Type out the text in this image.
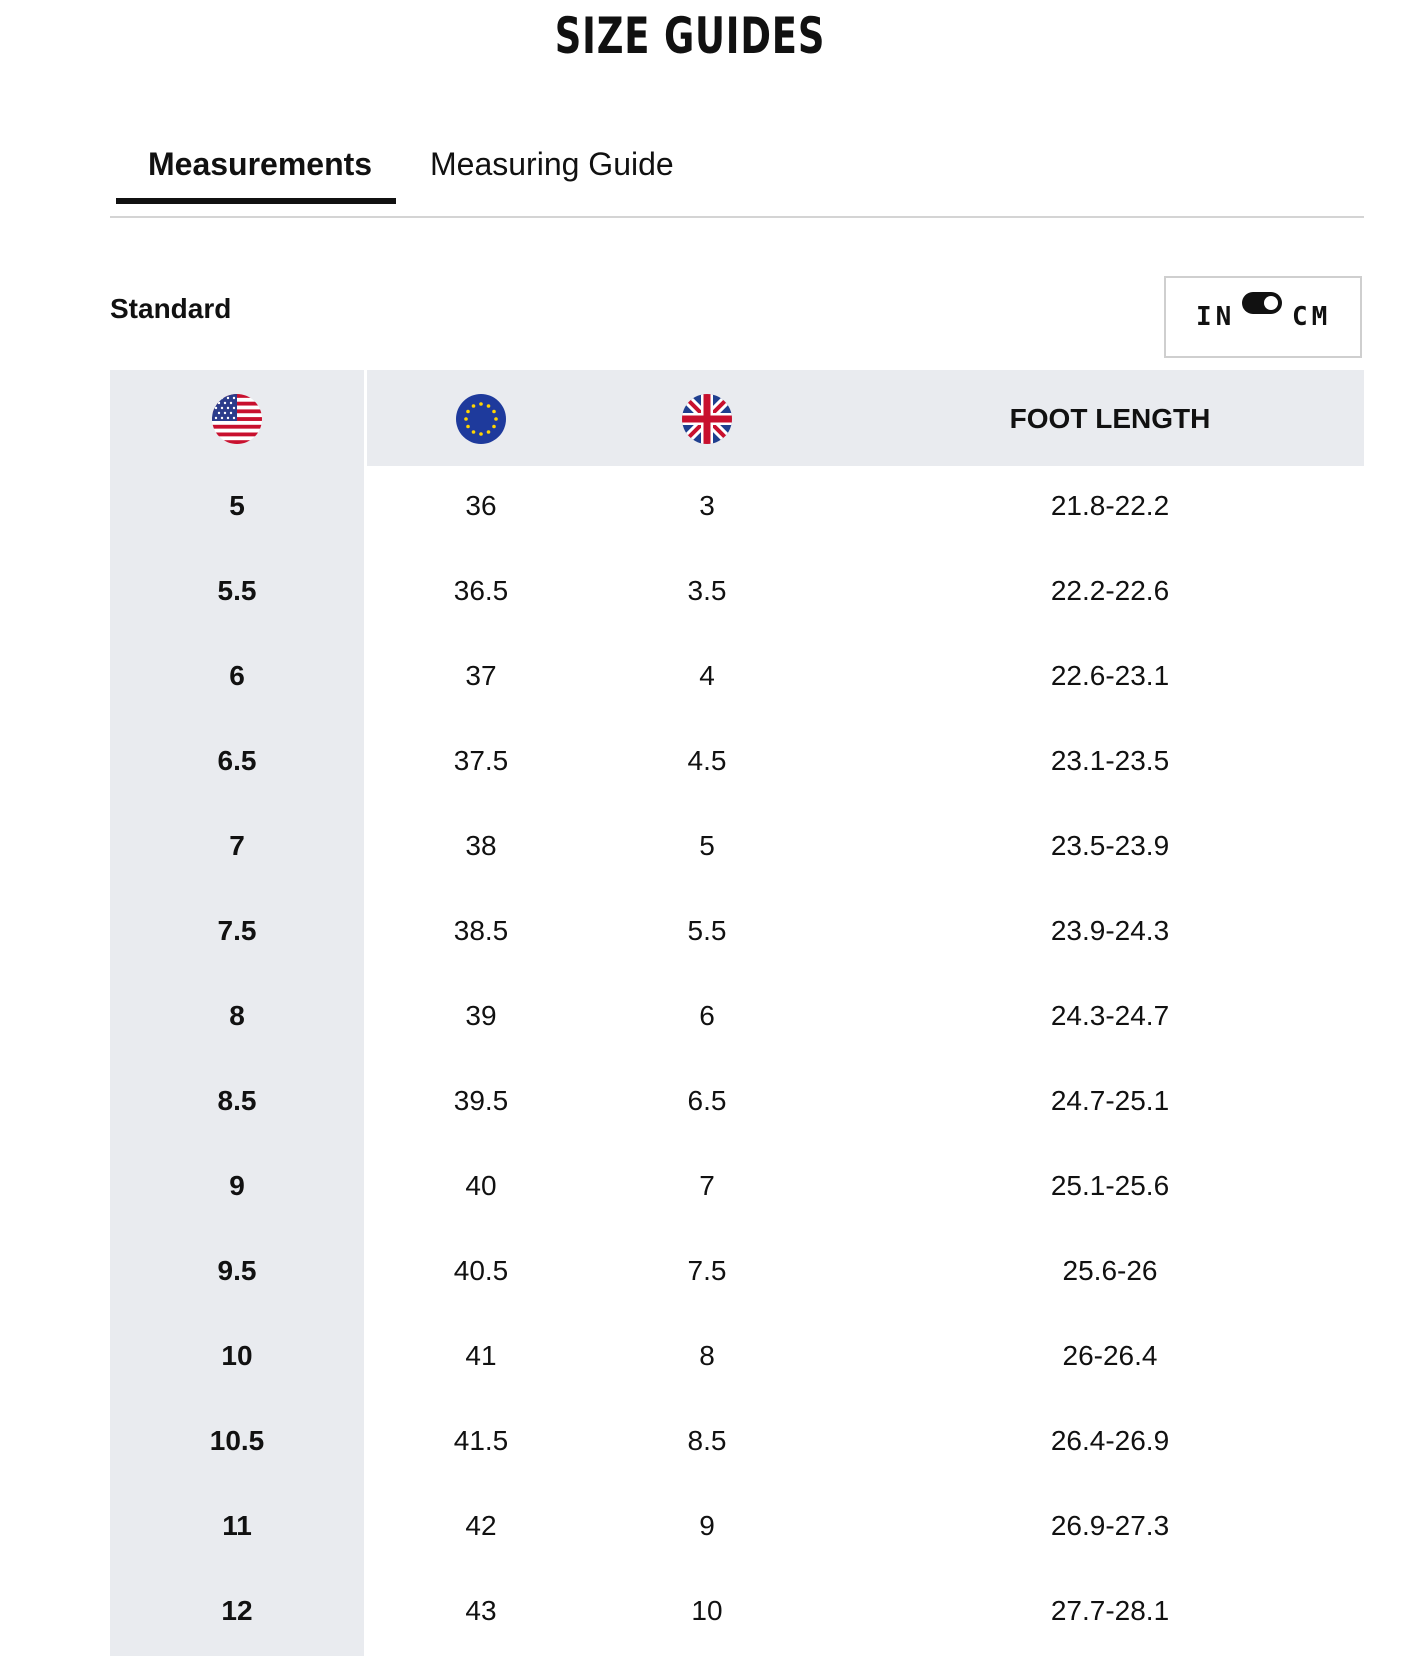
SIZE GUIDES
Measurements	Measuring Guide
Standard	IN CM
FOOT LENGTH
5	36	3	21.8-22.2
5.5	36.5	3.5	22.2-22.6
6	37	4	22.6-23.1
6.5	37.5	4.5	23.1-23.5
7	38	5	23.5-23.9
7.5	38.5	5.5	23.9-24.3
8	39	6	24.3-24.7
8.5	39.5	6.5	24.7-25.1
9	40	7	25.1-25.6
9.5	40.5	7.5	25.6-26
10	41	8	26-26.4
10.5	41.5	8.5	26.4-26.9
11	42	9	26.9-27.3
12	43	10	27.7-28.1
